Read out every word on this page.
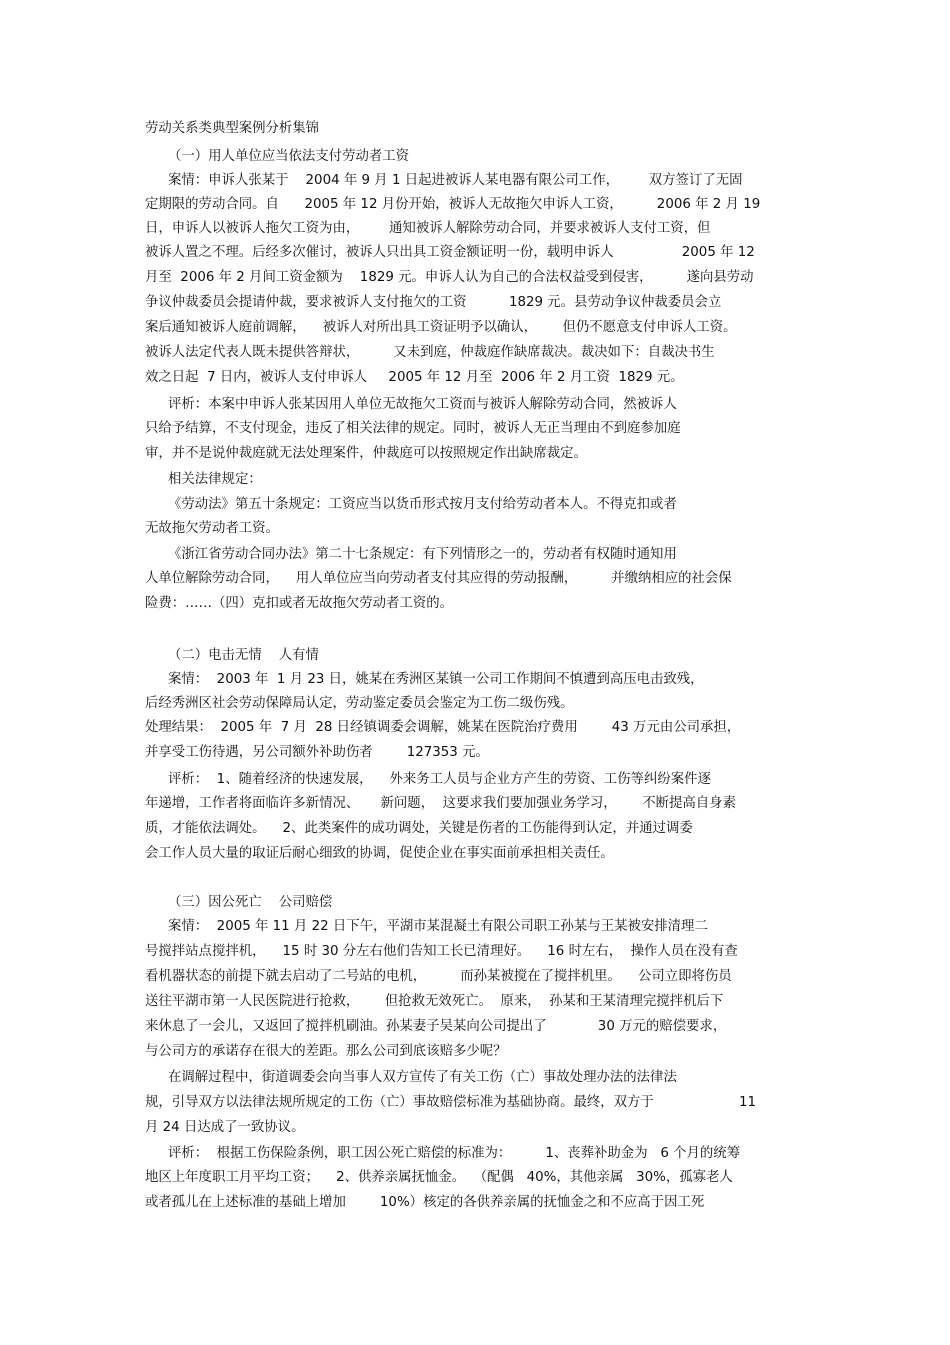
劳动关系类典型案例分析集锦
（一）用人单位应当依法支付劳动者工资
案情：申诉人张某于    2004 年 9 月 1 日起进被诉人某电器有限公司工作，       双方签订了无固
定期限的劳动合同。自      2005 年 12 月份开始，被诉人无故拖欠申诉人工资，        2006 年 2 月 19
日，申诉人以被诉人拖欠工资为由，       通知被诉人解除劳动合同，并要求被诉人支付工资，但
被诉人置之不理。后经多次催讨，被诉人只出具工资金额证明一份，载明申诉人                2005 年 12
月至  2006 年 2 月间工资金额为    1829 元。申诉人认为自己的合法权益受到侵害，        遂向县劳动
争议仲裁委员会提请仲裁，要求被诉人支付拖欠的工资          1829 元。县劳动争议仲裁委员会立
案后通知被诉人庭前调解，    被诉人对所出具工资证明予以确认，      但仍不愿意支付申诉人工资。
被诉人法定代表人既未提供答辩状，        又未到庭，仲裁庭作缺席裁决。裁决如下：自裁决书生
效之日起  7 日内，被诉人支付申诉人     2005 年 12 月至  2006 年 2 月工资  1829 元。
评析：本案中申诉人张某因用人单位无故拖欠工资而与被诉人解除劳动合同，然被诉人
只给予结算，不支付现金，违反了相关法律的规定。同时，被诉人无正当理由不到庭参加庭
审，并不是说仲裁庭就无法处理案件，仲裁庭可以按照规定作出缺席裁定。
相关法律规定：
《劳动法》第五十条规定：工资应当以货币形式按月支付给劳动者本人。不得克扣或者
无故拖欠劳动者工资。
《浙江省劳动合同办法》第二十七条规定：有下列情形之一的，劳动者有权随时通知用
人单位解除劳动合同，    用人单位应当向劳动者支付其应得的劳动报酬，        并缴纳相应的社会保
险费：……（四）克扣或者无故拖欠劳动者工资的。
（二）电击无情    人有情
案情：  2003 年  1 月 23 日，姚某在秀洲区某镇一公司工作期间不慎遭到高压电击致残，
后经秀洲区社会劳动保障局认定，劳动鉴定委员会鉴定为工伤二级伤残。
处理结果：  2005 年  7 月  28 日经镇调委会调解，姚某在医院治疗费用        43 万元由公司承担，
并享受工伤待遇，另公司额外补助伤者        127353 元。
评析：  1、随着经济的快速发展，    外来务工人员与企业方产生的劳资、工伤等纠纷案件逐
年递增，工作者将面临许多新情况、     新问题，  这要求我们要加强业务学习，      不断提高自身素
质，才能依法调处。    2、此类案件的成功调处，关键是伤者的工伤能得到认定，并通过调委
会工作人员大量的取证后耐心细致的协调，促使企业在事实面前承担相关责任。
（三）因公死亡    公司赔偿
案情：  2005 年 11 月 22 日下午，平湖市某混凝土有限公司职工孙某与王某被安排清理二
号搅拌站点搅拌机，    15 时 30 分左右他们告知工长已清理好。    16 时左右，  操作人员在没有查
看机器状态的前提下就去启动了二号站的电机，        而孙某被搅在了搅拌机里。    公司立即将伤员
送往平湖市第一人民医院进行抢救，      但抢救无效死亡。  原来，  孙某和王某清理完搅拌机后下
来休息了一会儿，又返回了搅拌机刷油。孙某妻子吴某向公司提出了            30 万元的赔偿要求，
与公司方的承诺存在很大的差距。那么公司到底该赔多少呢？
在调解过程中，街道调委会向当事人双方宣传了有关工伤（亡）事故处理办法的法律法
规，引导双方以法律法规所规定的工伤（亡）事故赔偿标准为基础协商。最终，双方于                    11
月 24 日达成了一致协议。
评析：  根据工伤保险条例，职工因公死亡赔偿的标准为：        1、丧葬补助金为   6 个月的统筹
地区上年度职工月平均工资；    2、供养亲属抚恤金。  （配偶   40%，其他亲属   30%，孤寡老人
或者孤儿在上述标准的基础上增加        10%）核定的各供养亲属的抚恤金之和不应高于因工死
